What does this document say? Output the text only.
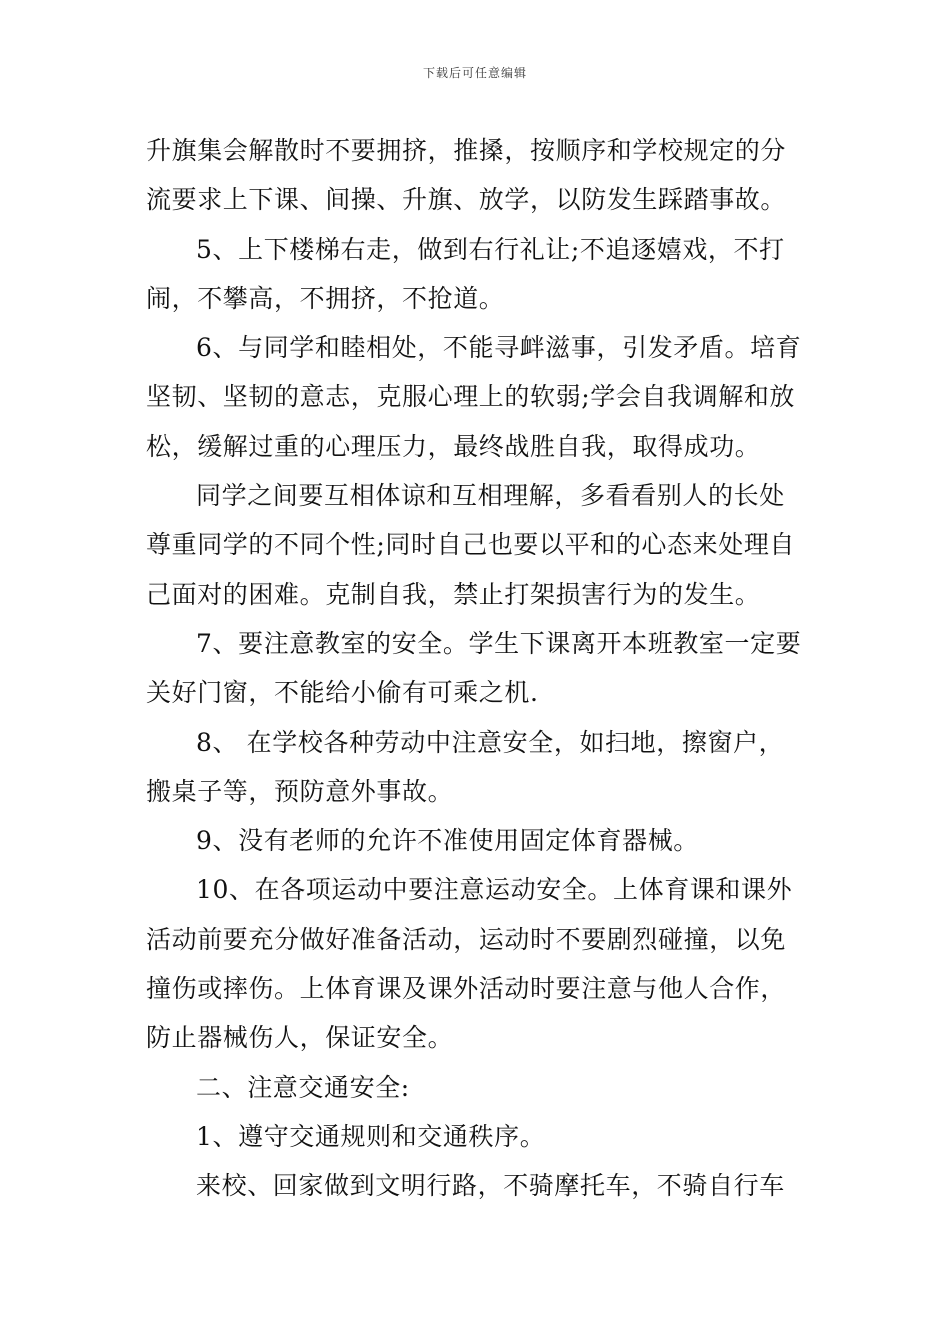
下载后可任意编辑
升旗集会解散时不要拥挤，推搡，按顺序和学校规定的分
流要求上下课、间操、升旗、放学，以防发生踩踏事故。
5、上下楼梯右走，做到右行礼让;不追逐嬉戏，不打
闹，不攀高，不拥挤，不抢道。
6、与同学和睦相处，不能寻衅滋事，引发矛盾。培育
坚韧、坚韧的意志，克服心理上的软弱;学会自我调解和放
松，缓解过重的心理压力，最终战胜自我，取得成功。
同学之间要互相体谅和互相理解，多看看别人的长处
尊重同学的不同个性;同时自己也要以平和的心态来处理自
己面对的困难。克制自我，禁止打架损害行为的发生。
7、要注意教室的安全。学生下课离开本班教室一定要
关好门窗，不能给小偷有可乘之机.
8、 在学校各种劳动中注意安全，如扫地，擦窗户，
搬桌子等，预防意外事故。
9、没有老师的允许不准使用固定体育器械。
10、在各项运动中要注意运动安全。上体育课和课外
活动前要充分做好准备活动，运动时不要剧烈碰撞，以免
撞伤或摔伤。上体育课及课外活动时要注意与他人合作，
防止器械伤人，保证安全。
二、注意交通安全:
1、遵守交通规则和交通秩序。
来校、回家做到文明行路，不骑摩托车，不骑自行车
